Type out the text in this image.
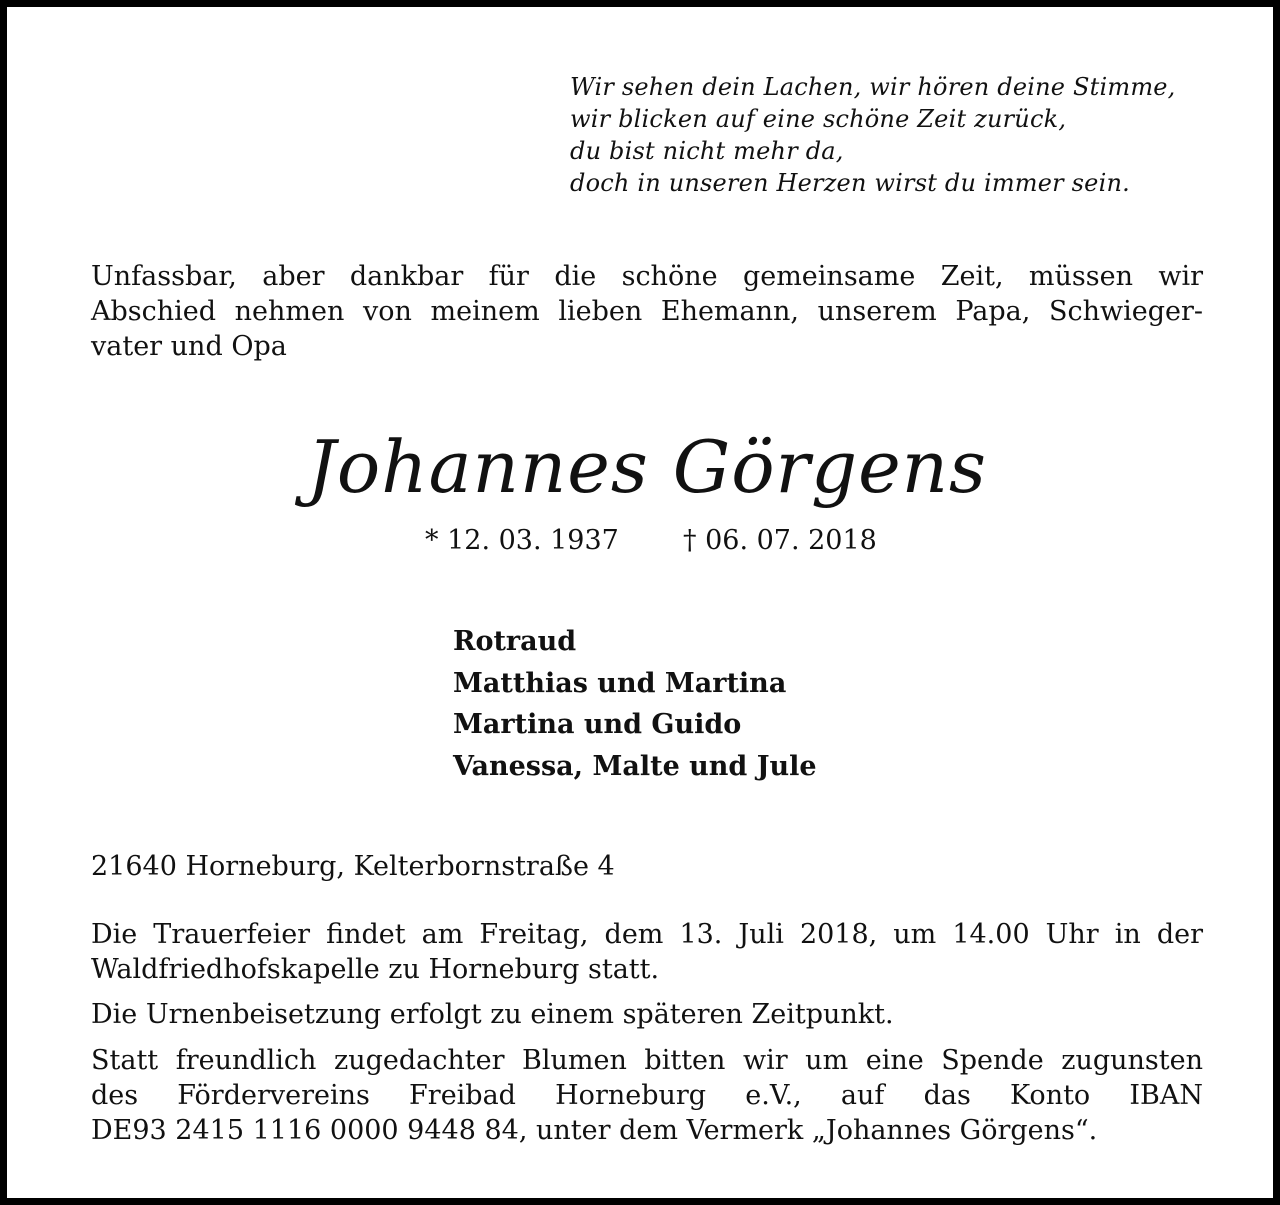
Wir sehen dein Lachen, wir hören deine Stimme,
wir blicken auf eine schöne Zeit zurück,
du bist nicht mehr da,
doch in unseren Herzen wirst du immer sein.
Unfassbar, aber dankbar für die schöne gemeinsame Zeit, müssen wir
Abschied nehmen von meinem lieben Ehemann, unserem Papa, Schwieger-
vater und Opa
Johannes Görgens
* 12. 03. 1937 † 06. 07. 2018
Rotraud
Matthias und Martina
Martina und Guido
Vanessa, Malte und Jule
21640 Horneburg, Kelterbornstraße 4
Die Trauerfeier findet am Freitag, dem 13. Juli 2018, um 14.00 Uhr in der
Waldfriedhofskapelle zu Horneburg statt.
Die Urnenbeisetzung erfolgt zu einem späteren Zeitpunkt.
Statt freundlich zugedachter Blumen bitten wir um eine Spende zugunsten
des Fördervereins Freibad Horneburg e.V., auf das Konto IBAN
DE93 2415 1116 0000 9448 84, unter dem Vermerk „Johannes Görgens“.
